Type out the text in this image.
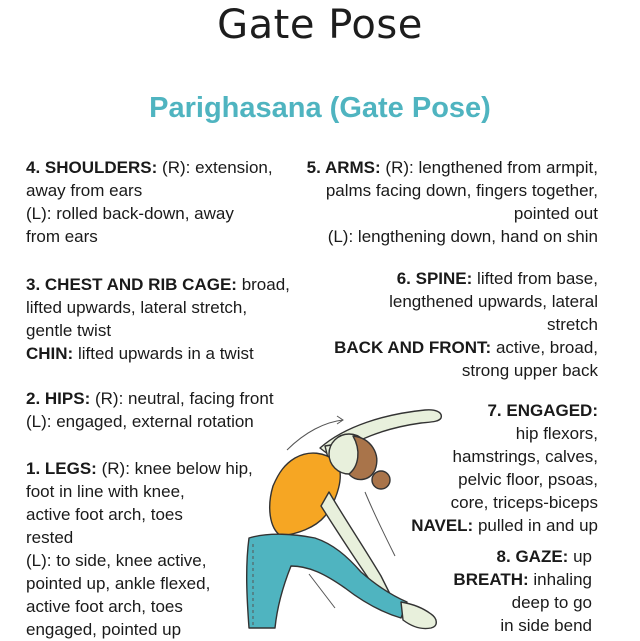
Gate Pose
Parighasana (Gate Pose)
4. SHOULDERS: (R): extension,
away from ears
(L): rolled back-down, away
from ears
3. CHEST AND RIB CAGE: broad,
lifted upwards, lateral stretch,
gentle twist
CHIN: lifted upwards in a twist
2. HIPS: (R): neutral, facing front
(L): engaged, external rotation
1. LEGS: (R): knee below hip,
foot in line with knee,
active foot arch, toes
rested
(L): to side, knee active,
pointed up, ankle flexed,
active foot arch, toes
engaged, pointed up
5. ARMS: (R): lengthened from armpit,
palms facing down, fingers together,
pointed out
(L): lengthening down, hand on shin
6. SPINE: lifted from base,
lengthened upwards, lateral
stretch
BACK AND FRONT: active, broad,
strong upper back
7. ENGAGED:
hip flexors,
hamstrings, calves,
pelvic floor, psoas,
core, triceps-biceps
NAVEL: pulled in and up
8. GAZE: up
BREATH: inhaling
deep to go
in side bend
